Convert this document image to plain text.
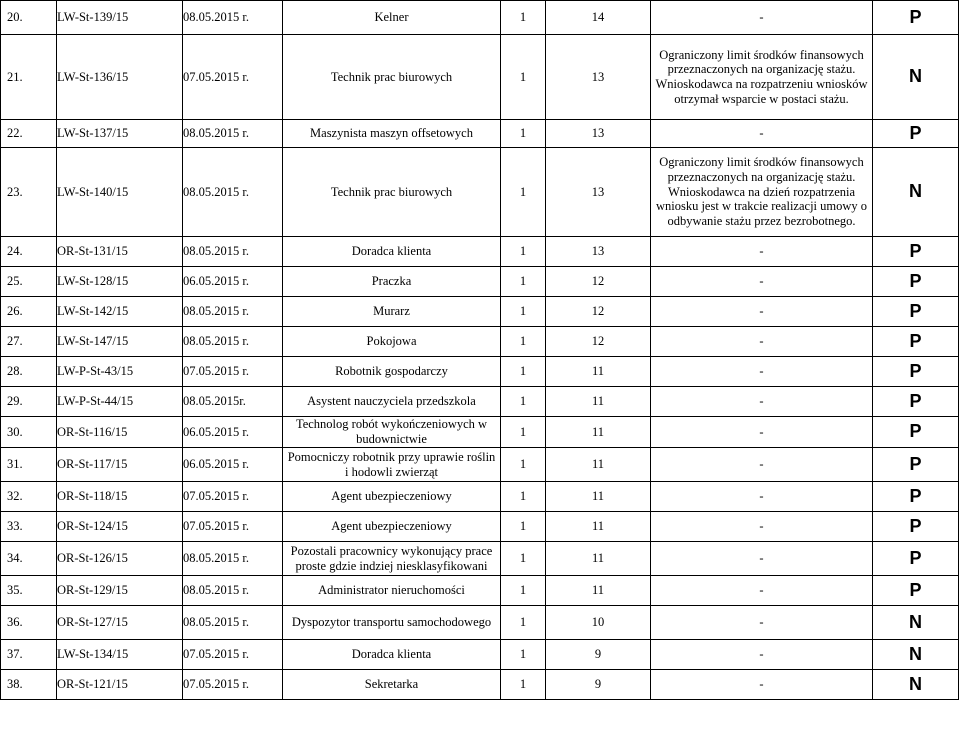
20.	LW-St-139/15	08.05.2015 r.	Kelner	1	14	-	P
21.	LW-St-136/15	07.05.2015 r.	Technik prac biurowych	1	13	Ograniczony limit środków finansowych przeznaczonych na organizację stażu. Wnioskodawca na rozpatrzeniu wniosków otrzymał wsparcie w postaci stażu.	N
22.	LW-St-137/15	08.05.2015 r.	Maszynista maszyn offsetowych	1	13	-	P
23.	LW-St-140/15	08.05.2015 r.	Technik prac biurowych	1	13	Ograniczony limit środków finansowych przeznaczonych na organizację stażu. Wnioskodawca na dzień rozpatrzenia wniosku jest w trakcie realizacji umowy o odbywanie stażu przez bezrobotnego.	N
24.	OR-St-131/15	08.05.2015 r.	Doradca klienta	1	13	-	P
25.	LW-St-128/15	06.05.2015 r.	Praczka	1	12	-	P
26.	LW-St-142/15	08.05.2015 r.	Murarz	1	12	-	P
27.	LW-St-147/15	08.05.2015 r.	Pokojowa	1	12	-	P
28.	LW-P-St-43/15	07.05.2015 r.	Robotnik gospodarczy	1	11	-	P
29.	LW-P-St-44/15	08.05.2015r.	Asystent nauczyciela przedszkola	1	11	-	P
30.	OR-St-116/15	06.05.2015 r.	Technolog robót wykończeniowych w budownictwie	1	11	-	P
31.	OR-St-117/15	06.05.2015 r.	Pomocniczy robotnik przy uprawie roślin i hodowli zwierząt	1	11	-	P
32.	OR-St-118/15	07.05.2015 r.	Agent ubezpieczeniowy	1	11	-	P
33.	OR-St-124/15	07.05.2015 r.	Agent ubezpieczeniowy	1	11	-	P
34.	OR-St-126/15	08.05.2015 r.	Pozostali pracownicy wykonujący prace proste gdzie indziej niesklasyfikowani	1	11	-	P
35.	OR-St-129/15	08.05.2015 r.	Administrator nieruchomości	1	11	-	P
36.	OR-St-127/15	08.05.2015 r.	Dyspozytor transportu samochodowego	1	10	-	N
37.	LW-St-134/15	07.05.2015 r.	Doradca klienta	1	9	-	N
38.	OR-St-121/15	07.05.2015 r.	Sekretarka	1	9	-	N
